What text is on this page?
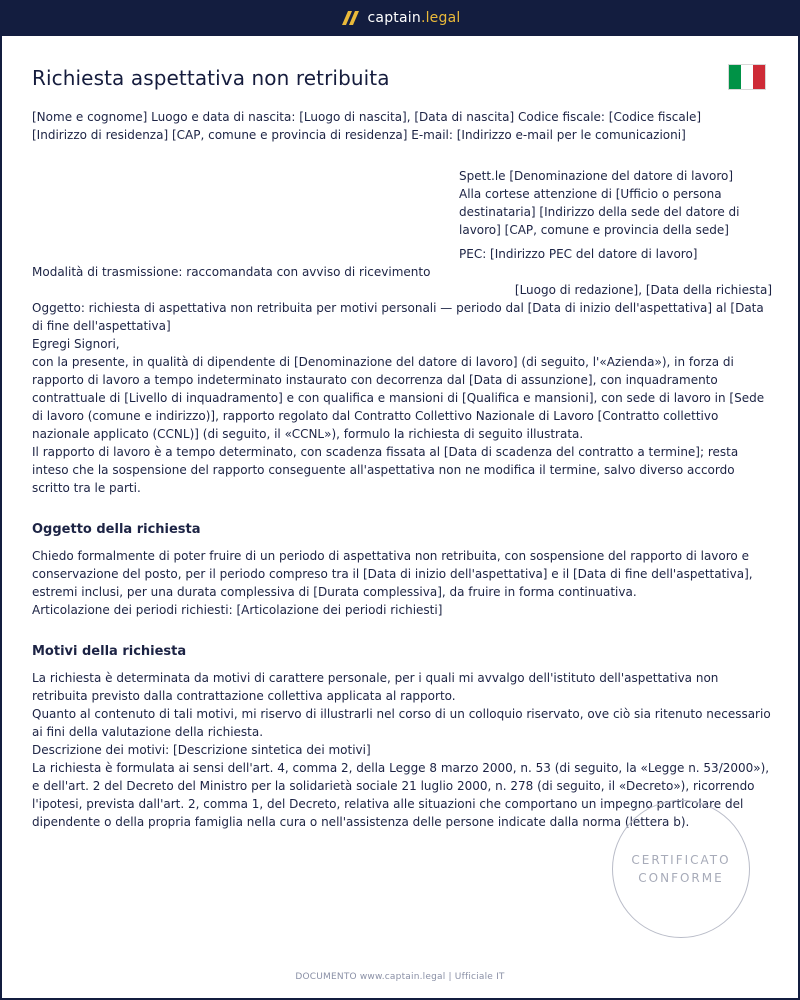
captain.legal
Richiesta aspettativa non retribuita

[Nome e cognome] Luogo e data di nascita: [Luogo di nascita], [Data di nascita] Codice fiscale: [Codice fiscale]

[Indirizzo di residenza] [CAP, comune e provincia di residenza] E-mail: [Indirizzo e-mail per le comunicazioni]

Spett.le [Denominazione del datore di lavoro] Alla cortese attenzione di [Ufficio o persona destinataria] [Indirizzo della sede del datore di lavoro] [CAP, comune e provincia della sede]

PEC: [Indirizzo PEC del datore di lavoro]

Modalità di trasmissione: raccomandata con avviso di ricevimento

[Luogo di redazione], [Data della richiesta]

Oggetto: richiesta di aspettativa non retribuita per motivi personali — periodo dal [Data di inizio dell'aspettativa] al [Data di fine dell'aspettativa]

Egregi Signori,

con la presente, in qualità di dipendente di [Denominazione del datore di lavoro] (di seguito, l'«Azienda»), in forza di rapporto di lavoro a tempo indeterminato instaurato con decorrenza dal [Data di assunzione], con inquadramento contrattuale di [Livello di inquadramento] e con qualifica e mansioni di [Qualifica e mansioni], con sede di lavoro in [Sede di lavoro (comune e indirizzo)], rapporto regolato dal Contratto Collettivo Nazionale di Lavoro [Contratto collettivo nazionale applicato (CCNL)] (di seguito, il «CCNL»), formulo la richiesta di seguito illustrata.

Il rapporto di lavoro è a tempo determinato, con scadenza fissata al [Data di scadenza del contratto a termine]; resta inteso che la sospensione del rapporto conseguente all'aspettativa non ne modifica il termine, salvo diverso accordo scritto tra le parti.

Oggetto della richiesta

Chiedo formalmente di poter fruire di un periodo di aspettativa non retribuita, con sospensione del rapporto di lavoro e conservazione del posto, per il periodo compreso tra il [Data di inizio dell'aspettativa] e il [Data di fine dell'aspettativa], estremi inclusi, per una durata complessiva di [Durata complessiva], da fruire in forma continuativa.

Articolazione dei periodi richiesti: [Articolazione dei periodi richiesti]

Motivi della richiesta

La richiesta è determinata da motivi di carattere personale, per i quali mi avvalgo dell'istituto dell'aspettativa non retribuita previsto dalla contrattazione collettiva applicata al rapporto.

Quanto al contenuto di tali motivi, mi riservo di illustrarli nel corso di un colloquio riservato, ove ciò sia ritenuto necessario ai fini della valutazione della richiesta.

Descrizione dei motivi: [Descrizione sintetica dei motivi]

La richiesta è formulata ai sensi dell'art. 4, comma 2, della Legge 8 marzo 2000, n. 53 (di seguito, la «Legge n. 53/2000»), e dell'art. 2 del Decreto del Ministro per la solidarietà sociale 21 luglio 2000, n. 278 (di seguito, il «Decreto»), ricorrendo l'ipotesi, prevista dall'art. 2, comma 1, del Decreto, relativa alle situazioni che comportano un impegno particolare del dipendente o della propria famiglia nella cura o nell'assistenza delle persone indicate dalla norma (lettera b).

CERTIFICATO
CONFORME
DOCUMENTO www.captain.legal | Ufficiale IT
